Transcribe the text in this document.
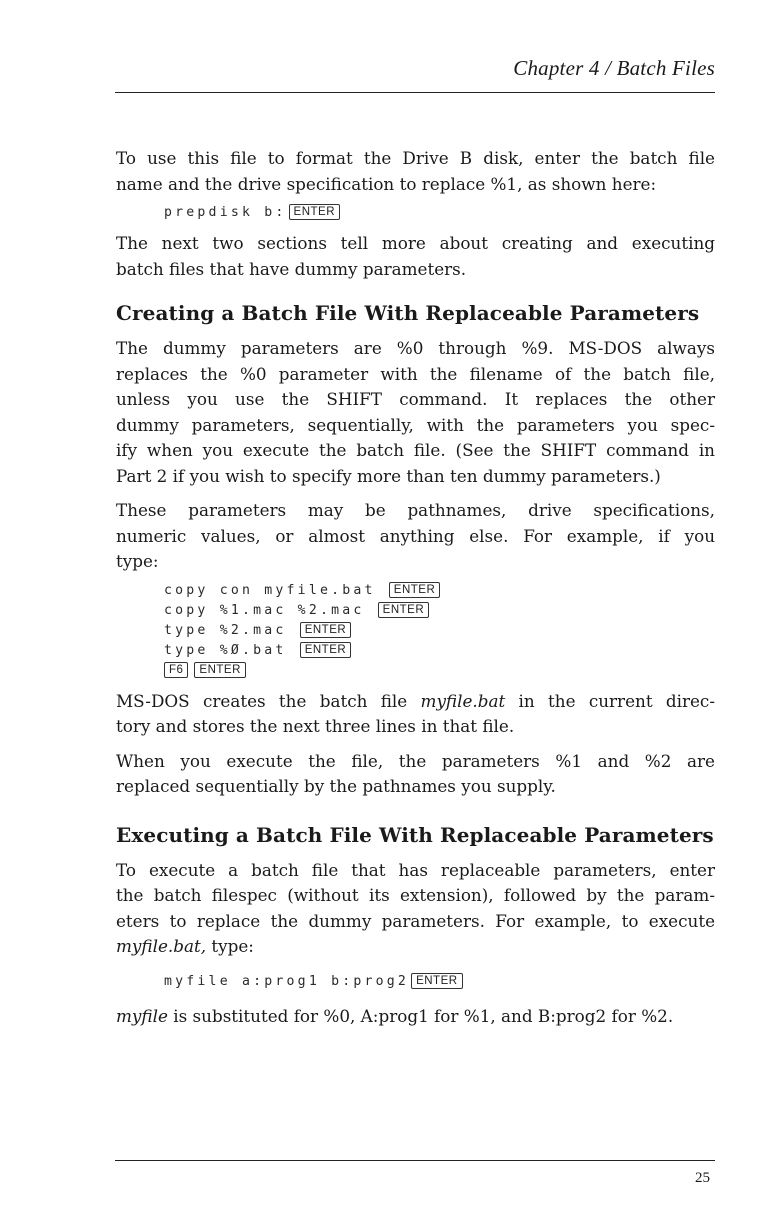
Chapter 4 / Batch Files

To use this file to format the Drive B disk, enter the batch file
name and the drive specification to replace %1, as shown here:

prepdisk b: ENTER

The next two sections tell more about creating and executing
batch files that have dummy parameters.

Creating a Batch File With Replaceable Parameters

The dummy parameters are %0 through %9. MS-DOS always
replaces the %0 parameter with the filename of the batch file,
unless you use the SHIFT command. It replaces the other
dummy parameters, sequentially, with the parameters you spec-
ify when you execute the batch file. (See the SHIFT command in
Part 2 if you wish to specify more than ten dummy parameters.)

These parameters may be pathnames, drive specifications,
numeric values, or almost anything else. For example, if you
type:

copy con myfile.bat ENTER
copy %1.mac %2.mac ENTER
type %2.mac ENTER
type %Ø.bat ENTER
F6 ENTER

MS-DOS creates the batch file myfile.bat in the current direc-
tory and stores the next three lines in that file.

When you execute the file, the parameters %1 and %2 are
replaced sequentially by the pathnames you supply.

Executing a Batch File With Replaceable Parameters

To execute a batch file that has replaceable parameters, enter
the batch filespec (without its extension), followed by the param-
eters to replace the dummy parameters. For example, to execute
myfile.bat, type:

myfile a:prog1 b:prog2 ENTER

myfile is substituted for %0, A:prog1 for %1, and B:prog2 for %2.

25
